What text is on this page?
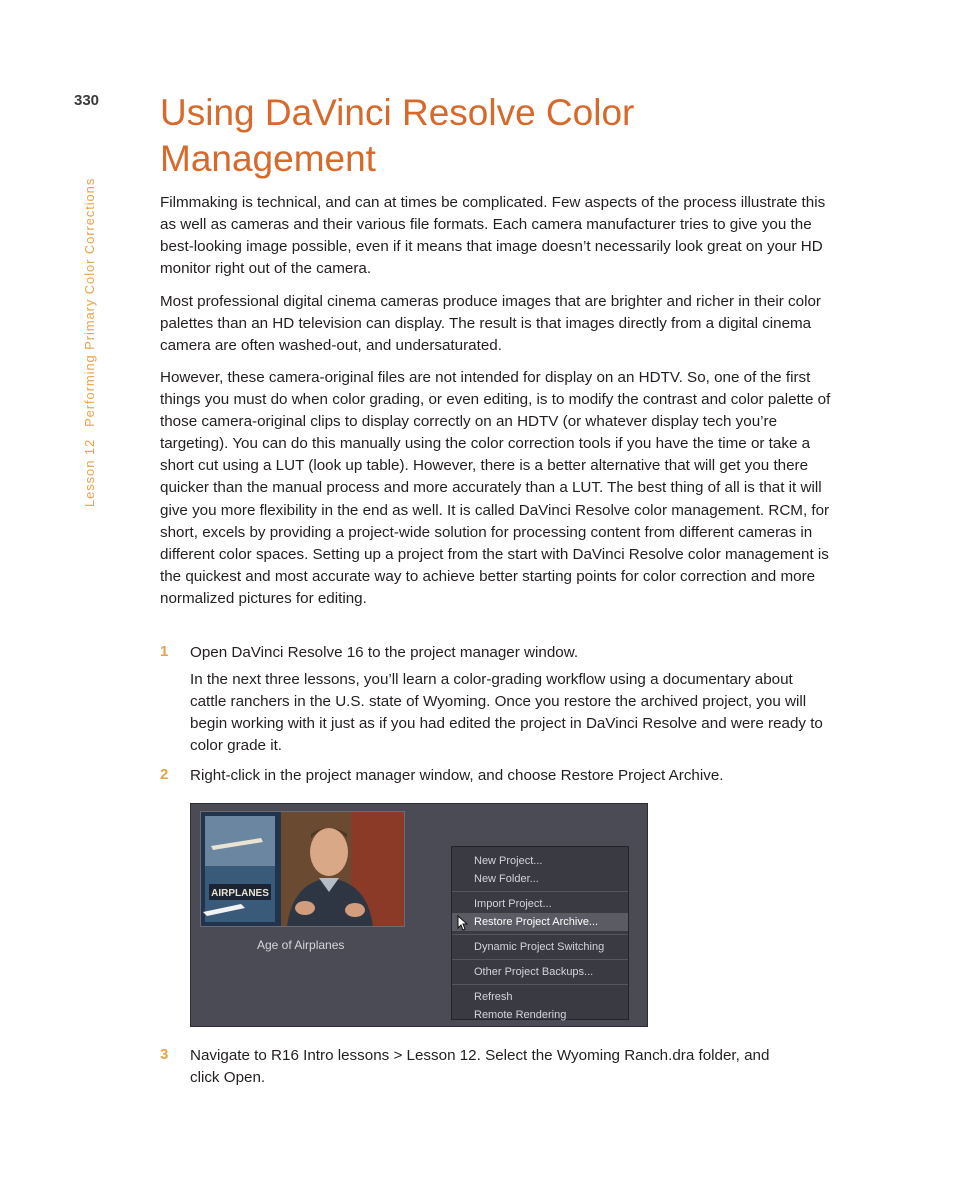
330
Lesson 12Performing Primary Color Corrections
Using DaVinci Resolve Color Management

Filmmaking is technical, and can at times be complicated. Few aspects of the process illustrate this as well as cameras and their various file formats. Each camera manufacturer tries to give you the best-looking image possible, even if it means that image doesn’t necessarily look great on your HD monitor right out of the camera.

Most professional digital cinema cameras produce images that are brighter and richer in their color palettes than an HD television can display. The result is that images directly from a digital cinema camera are often washed-out, and undersaturated.

However, these camera-original files are not intended for display on an HDTV. So, one of the first things you must do when color grading, or even editing, is to modify the contrast and color palette of those camera-original clips to display correctly on an HDTV (or whatever display tech you’re targeting). You can do this manually using the color correction tools if you have the time or take a short cut using a LUT (look up table). However, there is a better alternative that will get you there quicker than the manual process and more accurately than a LUT. The best thing of all is that it will give you more flexibility in the end as well. It is called DaVinci Resolve color management. RCM, for short, excels by providing a project-wide solution for processing content from different cameras in different color spaces. Setting up a project from the start with DaVinci Resolve color management is the quickest and most accurate way to achieve better starting points for color correction and more normalized pictures for editing.

1 Open DaVinci Resolve 16 to the project manager window.

In the next three lessons, you’ll learn a color-grading workflow using a documentary about cattle ranchers in the U.S. state of Wyoming. Once you restore the archived project, you will begin working with it just as if you had edited the project in DaVinci Resolve and were ready to color grade it.

2 Right-click in the project manager window, and choose Restore Project Archive.

AIRPLANES
Age of Airplanes
New Project...
New Folder...
Import Project...
Restore Project Archive...
Dynamic Project Switching
Other Project Backups...
Refresh
Remote Rendering
3 Navigate to R16 Intro lessons > Lesson 12. Select the Wyoming Ranch.dra folder, and click Open.
